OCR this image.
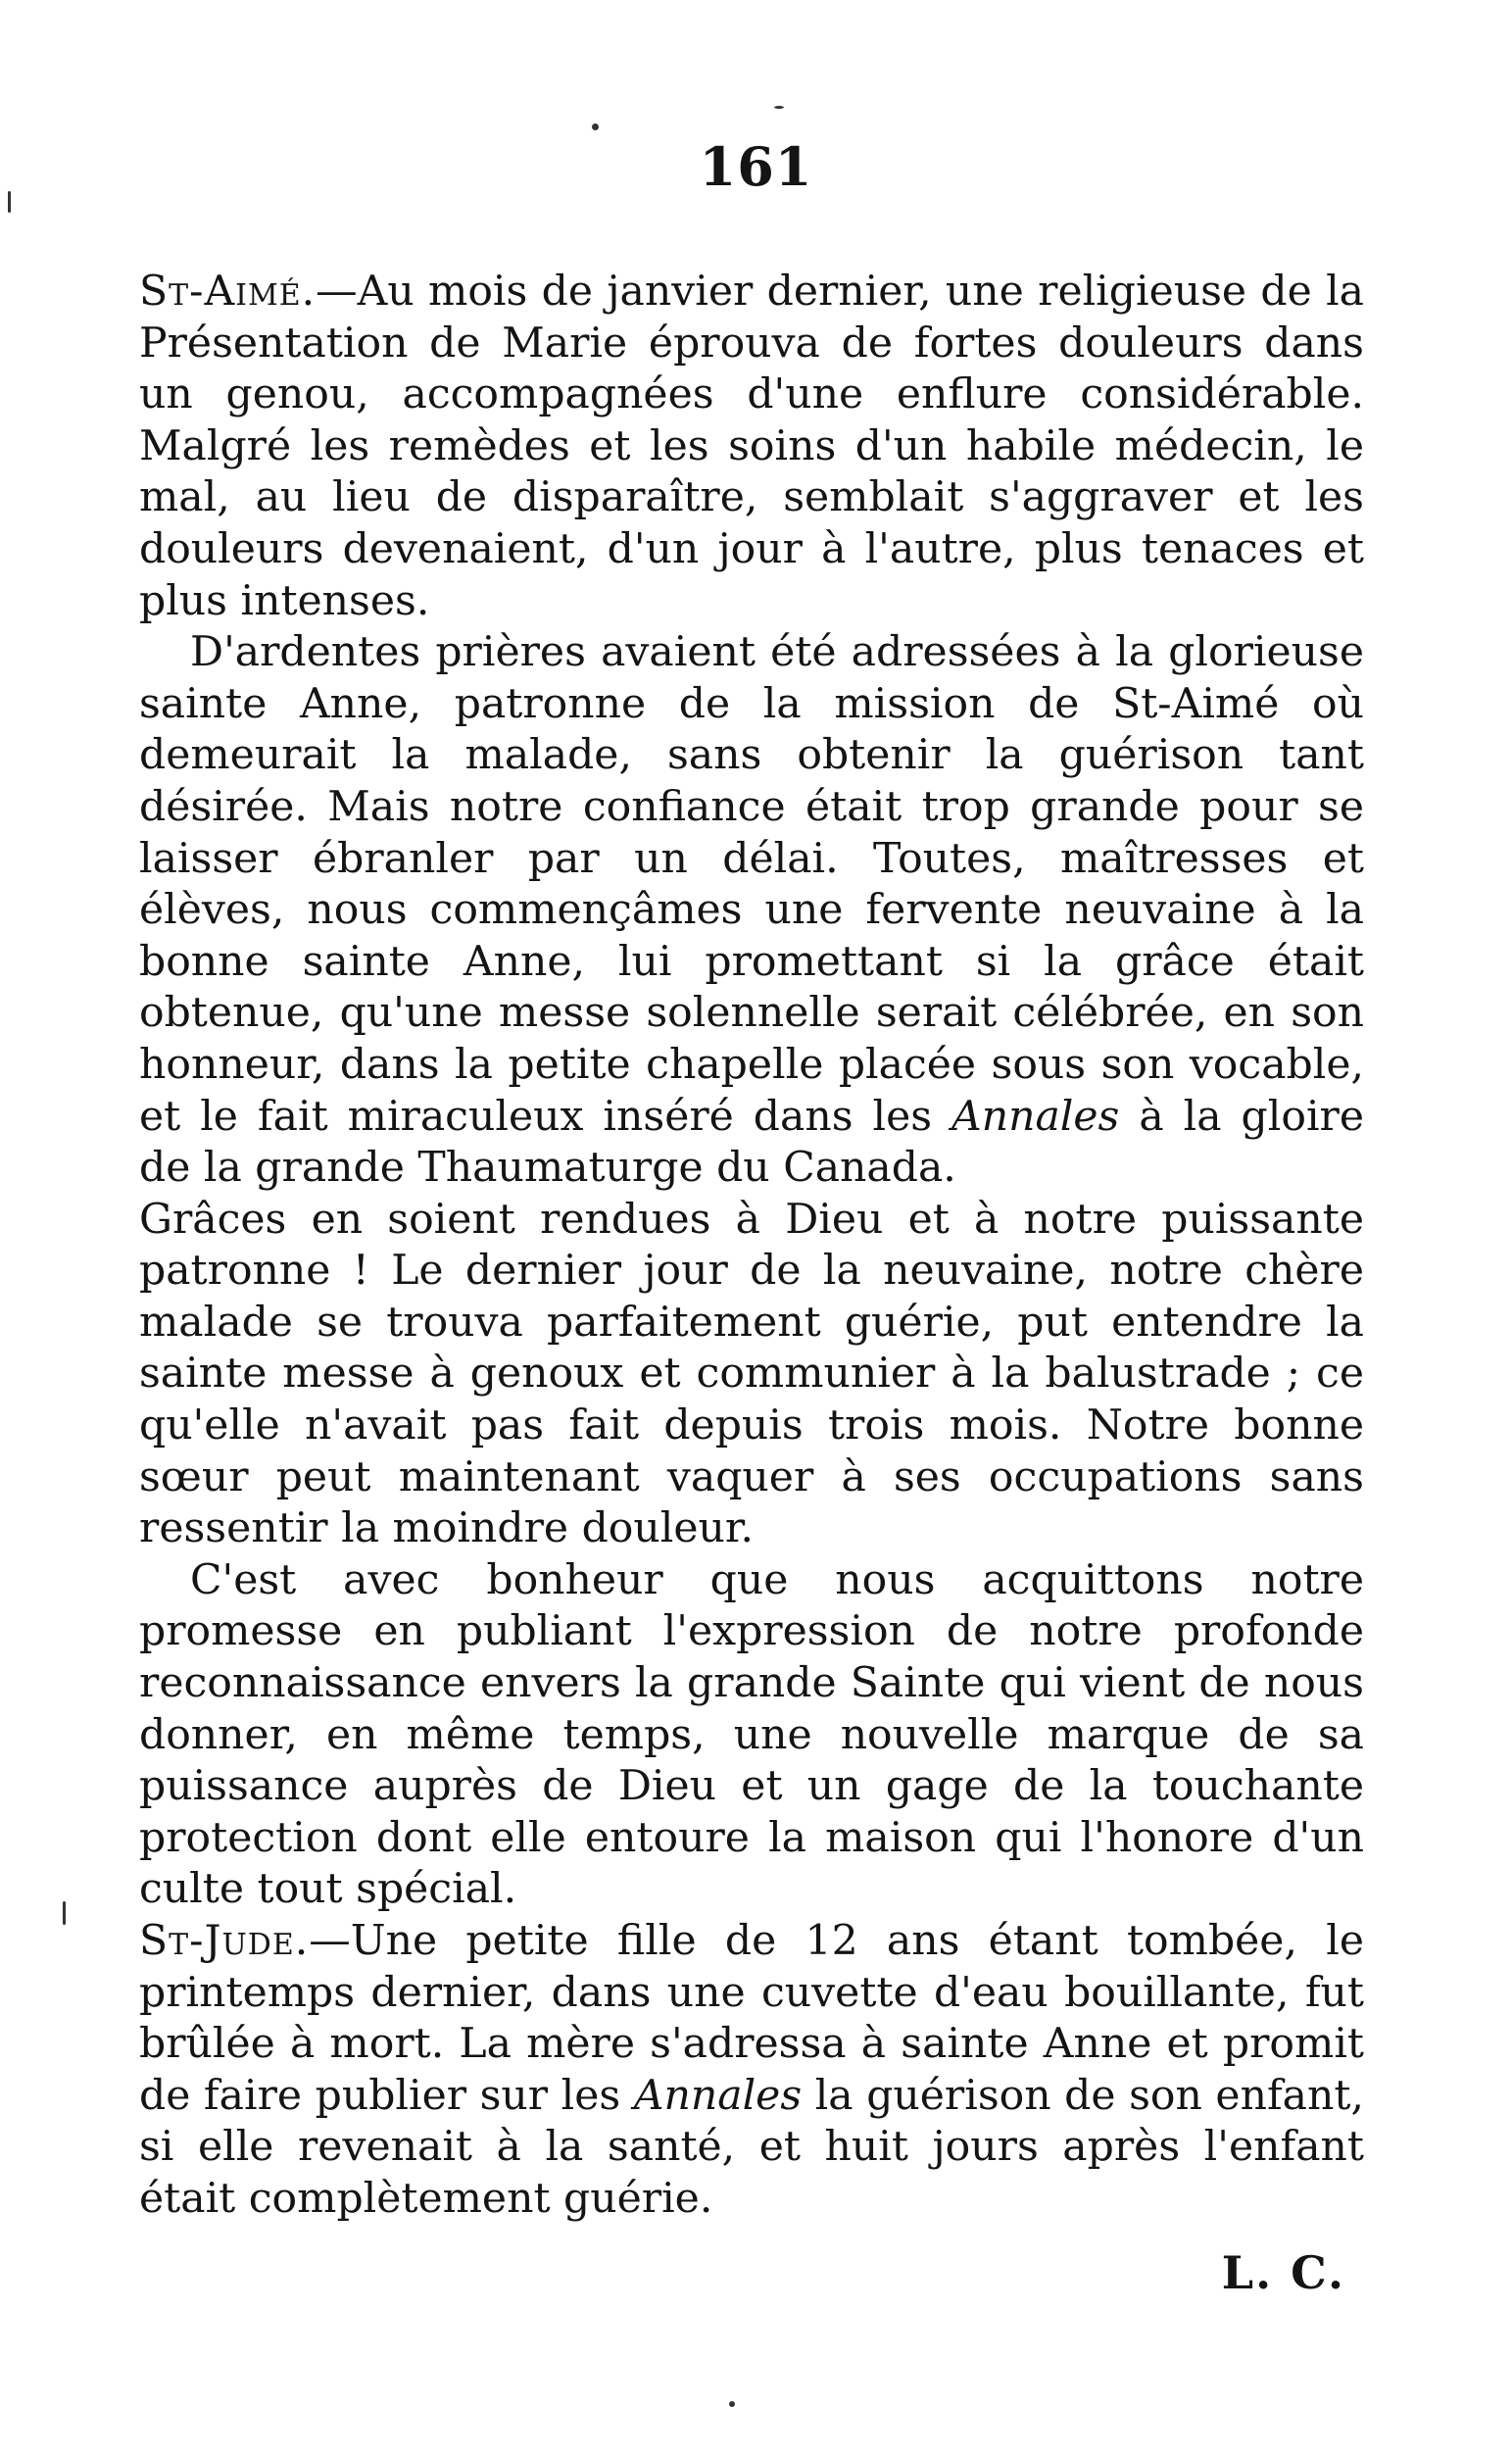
161

St-Aimé.—Au mois de janvier dernier, une religieuse de la Présentation de Marie éprouva de fortes douleurs dans un genou, accompagnées d'une enflure considérable. Malgré les remèdes et les soins d'un habile médecin, le mal, au lieu de disparaître, semblait s'aggraver et les douleurs devenaient, d'un jour à l'autre, plus tenaces et plus intenses.

D'ardentes prières avaient été adressées à la glorieuse sainte Anne, patronne de la mission de St-Aimé où demeurait la malade, sans obtenir la guérison tant désirée. Mais notre confiance était trop grande pour se laisser ébranler par un délai. Toutes, maîtresses et élèves, nous commençâmes une fervente neuvaine à la bonne sainte Anne, lui promettant si la grâce était obtenue, qu'une messe solennelle serait célébrée, en son honneur, dans la petite chapelle placée sous son vocable, et le fait miraculeux inséré dans les Annales à la gloire de la grande Thaumaturge du Canada.

Grâces en soient rendues à Dieu et à notre puissante patronne ! Le dernier jour de la neuvaine, notre chère malade se trouva parfaitement guérie, put entendre la sainte messe à genoux et communier à la balustrade ; ce qu'elle n'avait pas fait depuis trois mois. Notre bonne sœur peut maintenant vaquer à ses occupations sans ressentir la moindre douleur.

C'est avec bonheur que nous acquittons notre promesse en publiant l'expression de notre profonde reconnaissance envers la grande Sainte qui vient de nous donner, en même temps, une nouvelle marque de sa puissance auprès de Dieu et un gage de la touchante protection dont elle entoure la maison qui l'honore d'un culte tout spécial.

St-Jude.—Une petite fille de 12 ans étant tombée, le printemps dernier, dans une cuvette d'eau bouillante, fut brûlée à mort. La mère s'adressa à sainte Anne et promit de faire publier sur les Annales la guérison de son enfant, si elle revenait à la santé, et huit jours après l'enfant était complètement guérie.

L. C.
